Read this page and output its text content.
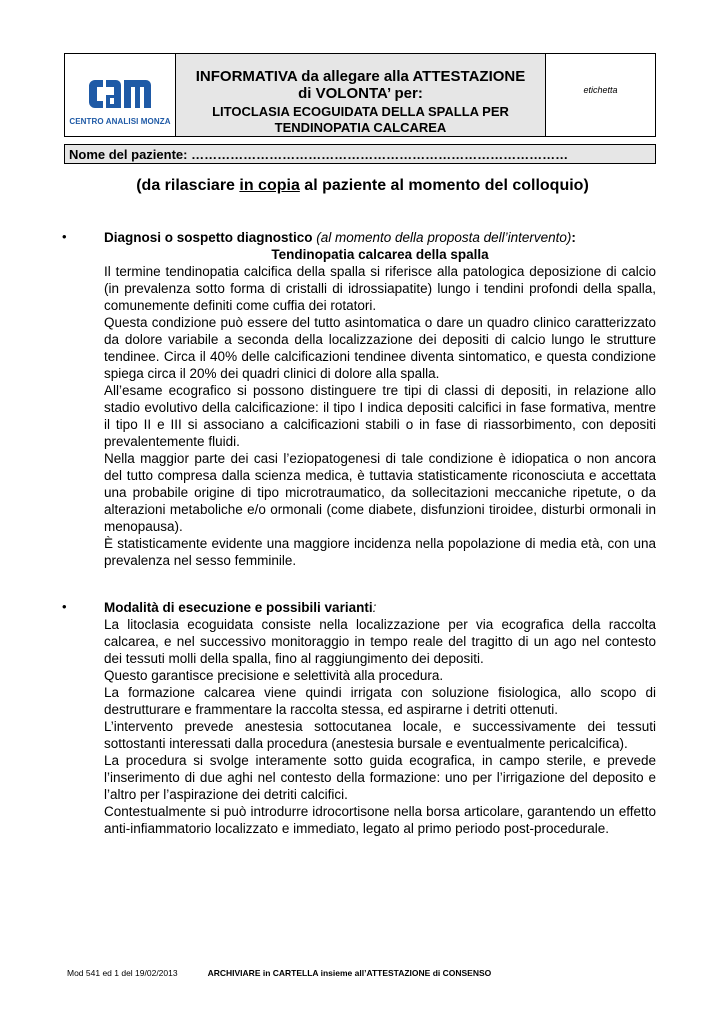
CENTRO ANALISI MONZA
INFORMATIVA da allegare alla ATTESTAZIONE
di VOLONTA’ per:
LITOCLASIA ECOGUIDATA DELLA SPALLA PER
TENDINOPATIA CALCAREA
etichetta
Nome del paziente: ……………………………………………………………………………
(da rilasciare in copia al paziente al momento del colloquio)
•	Diagnosi o sospetto diagnostico (al momento della proposta dell’intervento):
Tendinopatia calcarea della spalla

Il termine tendinopatia calcifica della spalla si riferisce alla patologica deposizione di calcio (in prevalenza sotto forma di cristalli di idrossiapatite) lungo i tendini profondi della spalla, comunemente definiti come cuffia dei rotatori.

Questa condizione può essere del tutto asintomatica o dare un quadro clinico caratterizzato da dolore variabile a seconda della localizzazione dei depositi di calcio lungo le strutture tendinee. Circa il 40% delle calcificazioni tendinee diventa sintomatico, e questa condizione spiega circa il 20% dei quadri clinici di dolore alla spalla.

All’esame ecografico si possono distinguere tre tipi di classi di depositi, in relazione allo stadio evolutivo della calcificazione: il tipo I indica depositi calcifici in fase formativa, mentre il tipo II e III si associano a calcificazioni stabili o in fase di riassorbimento, con depositi prevalentemente fluidi.

Nella maggior parte dei casi l’eziopatogenesi di tale condizione è idiopatica o non ancora del tutto compresa dalla scienza medica, è tuttavia statisticamente riconosciuta e accettata una probabile origine di tipo microtraumatico, da sollecitazioni meccaniche ripetute, o da alterazioni metaboliche e/o ormonali (come diabete, disfunzioni tiroidee, disturbi ormonali in menopausa).

È statisticamente evidente una maggiore incidenza nella popolazione di media età, con una prevalenza nel sesso femminile.

•	Modalità di esecuzione e possibili varianti:

La litoclasia ecoguidata consiste nella localizzazione per via ecografica della raccolta calcarea, e nel successivo monitoraggio in tempo reale del tragitto di un ago nel contesto dei tessuti molli della spalla, fino al raggiungimento dei depositi.

Questo garantisce precisione e selettività alla procedura.

La formazione calcarea viene quindi irrigata con soluzione fisiologica, allo scopo di destrutturare e frammentare la raccolta stessa, ed aspirarne i detriti ottenuti.

L’intervento prevede anestesia sottocutanea locale, e successivamente dei tessuti sottostanti interessati dalla procedura (anestesia bursale e eventualmente pericalcifica).

La procedura si svolge interamente sotto guida ecografica, in campo sterile, e prevede l’inserimento di due aghi nel contesto della formazione: uno per l’irrigazione del deposito e l’altro per l’aspirazione dei detriti calcifici.

Contestualmente si può introdurre idrocortisone nella borsa articolare, garantendo un effetto anti-infiammatorio localizzato e immediato, legato al primo periodo post-procedurale.

Mod 541 ed 1 del 19/02/2013	ARCHIVIARE in CARTELLA insieme all’ATTESTAZIONE di CONSENSO
